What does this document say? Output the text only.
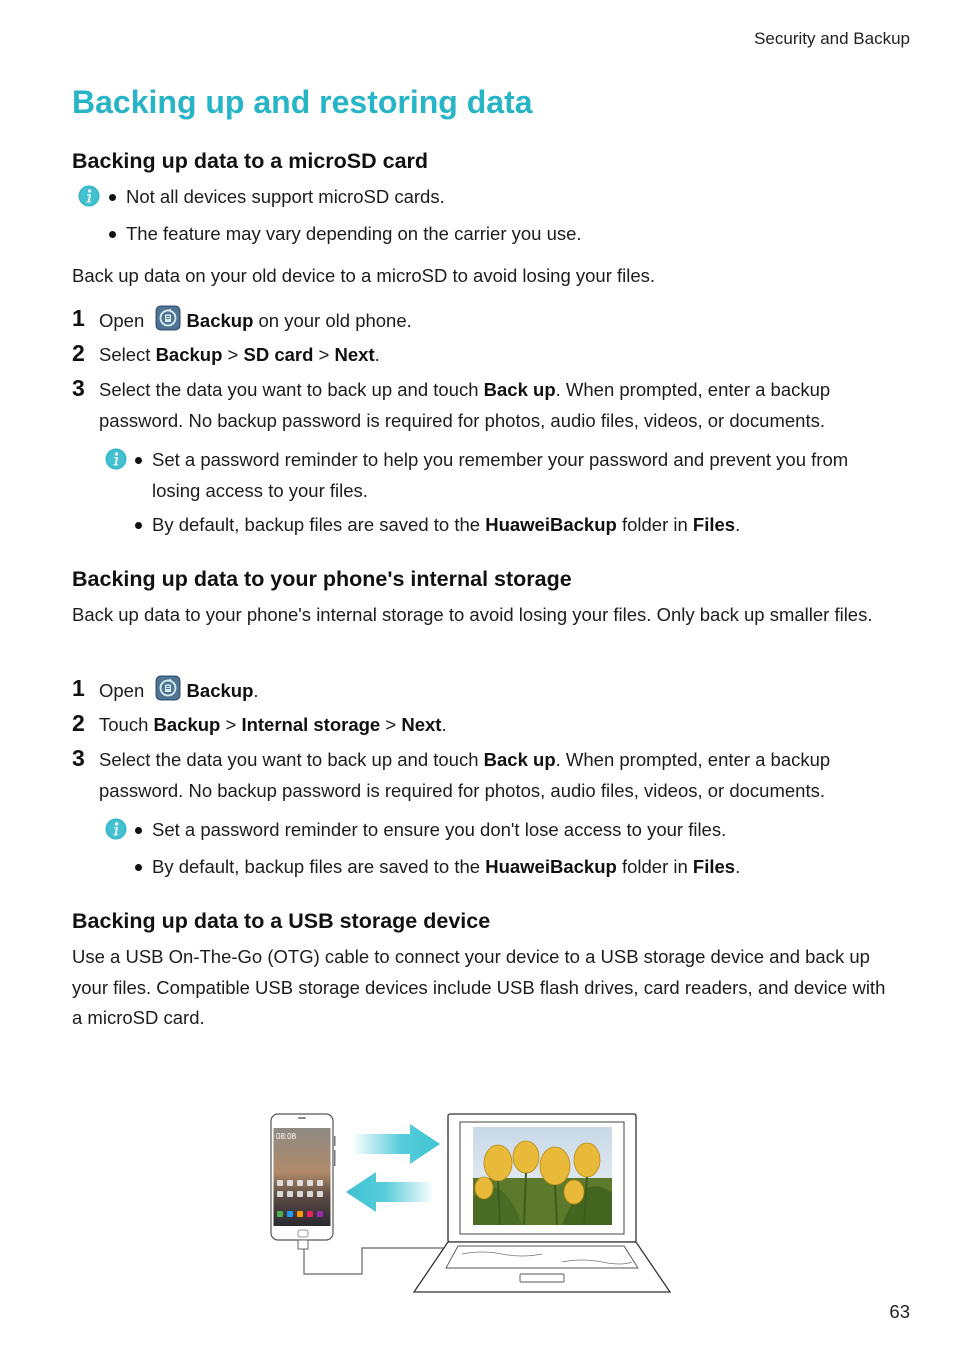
Security and Backup
Backing up and restoring data
Backing up data to a microSD card
Not all devices support microSD cards.
The feature may vary depending on the carrier you use.

Back up data on your old device to a microSD to avoid losing your files.

1 Open Backup on your old phone.
2 Select Backup > SD card > Next.
3 Select the data you want to back up and touch Back up. When prompted, enter a backup password. No backup password is required for photos, audio files, videos, or documents.
Set a password reminder to help you remember your password and prevent you from losing access to your files.
By default, backup files are saved to the HuaweiBackup folder in Files.
Backing up data to your phone's internal storage

Back up data to your phone's internal storage to avoid losing your files. Only back up smaller files.

1 Open Backup.
2 Touch Backup > Internal storage > Next.
3 Select the data you want to back up and touch Back up. When prompted, enter a backup password. No backup password is required for photos, audio files, videos, or documents.
Set a password reminder to ensure you don't lose access to your files.
By default, backup files are saved to the HuaweiBackup folder in Files.
Backing up data to a USB storage device

Use a USB On-The-Go (OTG) cable to connect your device to a USB storage device and back up your files. Compatible USB storage devices include USB flash drives, card readers, and device with a microSD card.

08:08
63
